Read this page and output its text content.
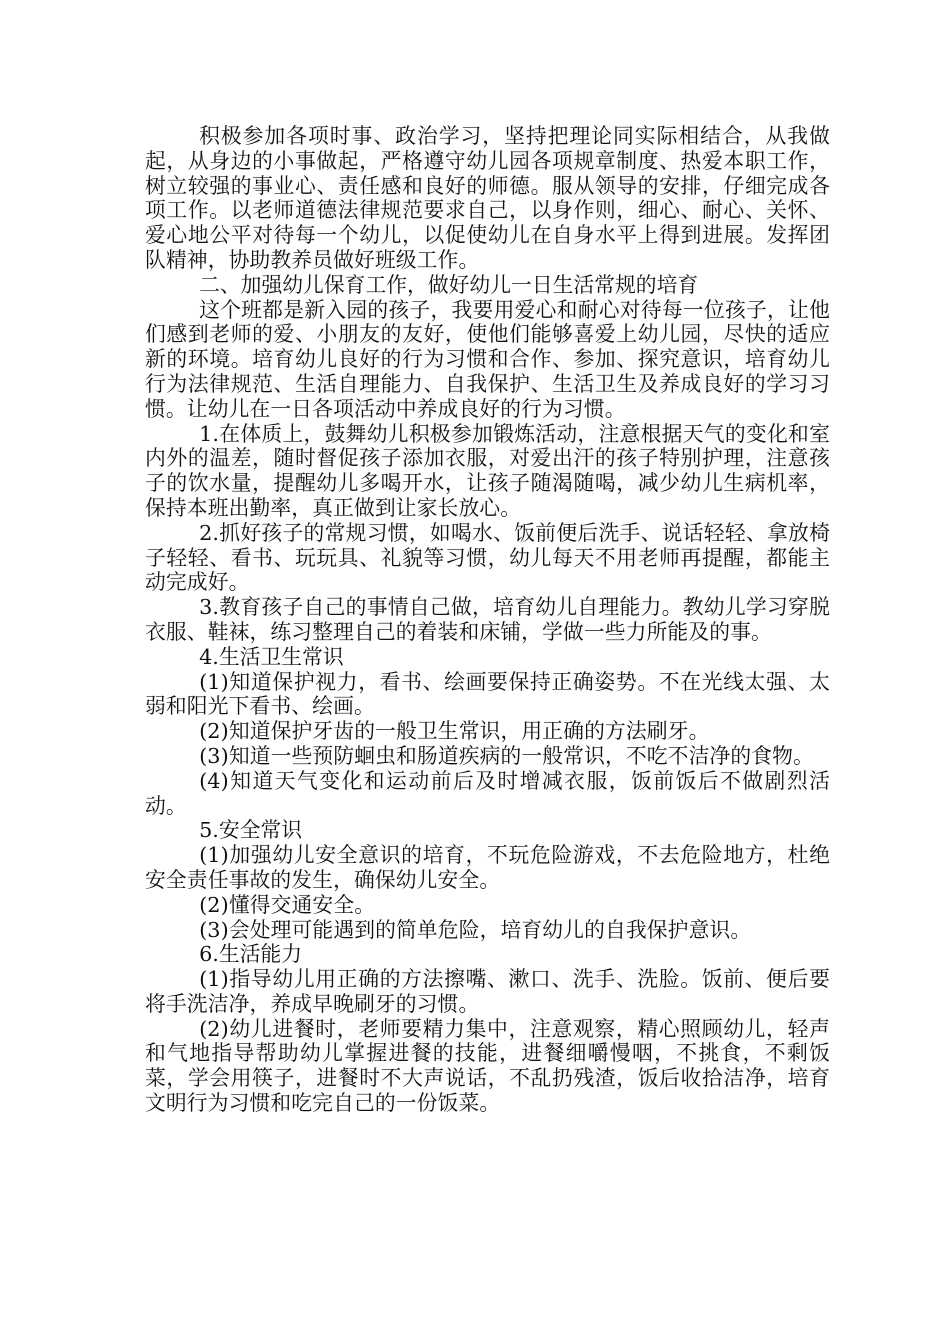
积极参加各项时事、政治学习，坚持把理论同实际相结合，从我做起，从身边的小事做起，严格遵守幼儿园各项规章制度、热爱本职工作，树立较强的事业心、责任感和良好的师德。服从领导的安排，仔细完成各项工作。以老师道德法律规范要求自己，以身作则，细心、耐心、关怀、爱心地公平对待每一个幼儿，以促使幼儿在自身水平上得到进展。发挥团队精神，协助教养员做好班级工作。

二、加强幼儿保育工作，做好幼儿一日生活常规的培育

这个班都是新入园的孩子，我要用爱心和耐心对待每一位孩子，让他们感到老师的爱、小朋友的友好，使他们能够喜爱上幼儿园，尽快的适应新的环境。培育幼儿良好的行为习惯和合作、参加、探究意识，培育幼儿行为法律规范、生活自理能力、自我保护、生活卫生及养成良好的学习习惯。让幼儿在一日各项活动中养成良好的行为习惯。

1.在体质上，鼓舞幼儿积极参加锻炼活动，注意根据天气的变化和室内外的温差，随时督促孩子添加衣服，对爱出汗的孩子特别护理，注意孩子的饮水量，提醒幼儿多喝开水，让孩子随渴随喝，减少幼儿生病机率，保持本班出勤率，真正做到让家长放心。

2.抓好孩子的常规习惯，如喝水、饭前便后洗手、说话轻轻、拿放椅子轻轻、看书、玩玩具、礼貌等习惯，幼儿每天不用老师再提醒，都能主动完成好。

3.教育孩子自己的事情自己做，培育幼儿自理能力。教幼儿学习穿脱衣服、鞋袜，练习整理自己的着装和床铺，学做一些力所能及的事。

4.生活卫生常识

(1)知道保护视力，看书、绘画要保持正确姿势。不在光线太强、太弱和阳光下看书、绘画。

(2)知道保护牙齿的一般卫生常识，用正确的方法刷牙。

(3)知道一些预防蛔虫和肠道疾病的一般常识，不吃不洁净的食物。

(4)知道天气变化和运动前后及时增减衣服，饭前饭后不做剧烈活动。

5.安全常识

(1)加强幼儿安全意识的培育，不玩危险游戏，不去危险地方，杜绝安全责任事故的发生，确保幼儿安全。

(2)懂得交通安全。

(3)会处理可能遇到的简单危险，培育幼儿的自我保护意识。

6.生活能力

(1)指导幼儿用正确的方法擦嘴、漱口、洗手、洗脸。饭前、便后要将手洗洁净，养成早晚刷牙的习惯。

(2)幼儿进餐时，老师要精力集中，注意观察，精心照顾幼儿，轻声和气地指导帮助幼儿掌握进餐的技能，进餐细嚼慢咽，不挑食，不剩饭菜，学会用筷子，进餐时不大声说话，不乱扔残渣，饭后收拾洁净，培育文明行为习惯和吃完自己的一份饭菜。
